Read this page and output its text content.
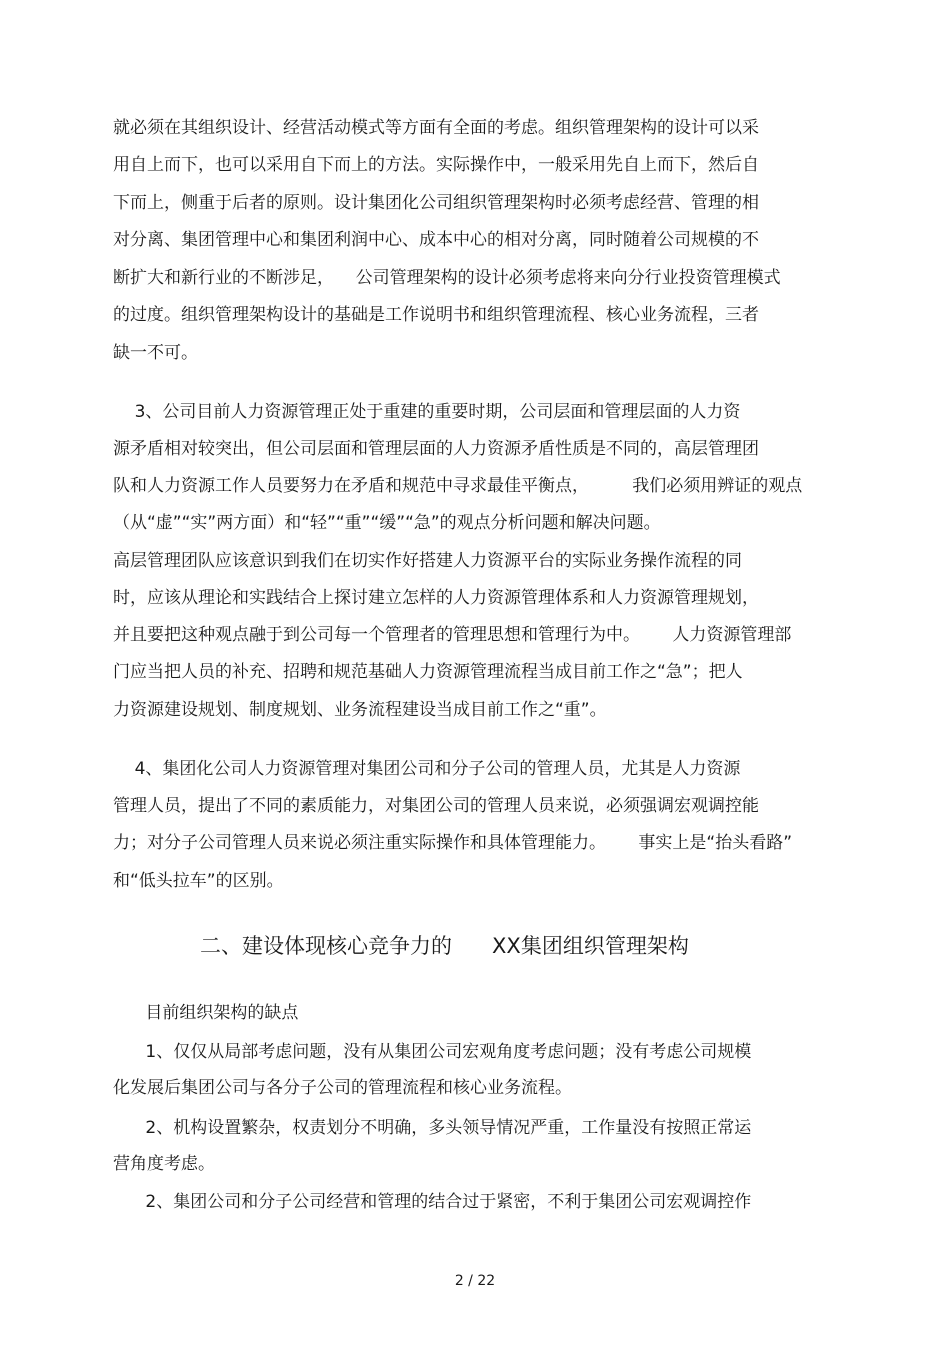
就必须在其组织设计、经营活动模式等方面有全面的考虑。组织管理架构的设计可以采
用自上而下，也可以采用自下而上的方法。实际操作中，一般采用先自上而下，然后自
下而上，侧重于后者的原则。设计集团化公司组织管理架构时必须考虑经营、管理的相
对分离、集团管理中心和集团利润中心、成本中心的相对分离，同时随着公司规模的不
断扩大和新行业的不断涉足，    公司管理架构的设计必须考虑将来向分行业投资管理模式
的过度。组织管理架构设计的基础是工作说明书和组织管理流程、核心业务流程，三者
缺一不可。
3、公司目前人力资源管理正处于重建的重要时期，公司层面和管理层面的人力资
源矛盾相对较突出，但公司层面和管理层面的人力资源矛盾性质是不同的，高层管理团
队和人力资源工作人员要努力在矛盾和规范中寻求最佳平衡点，        我们必须用辨证的观点
（从“虚”“实”两方面）和“轻”“重”“缓”“急”的观点分析问题和解决问题。
高层管理团队应该意识到我们在切实作好搭建人力资源平台的实际业务操作流程的同
时，应该从理论和实践结合上探讨建立怎样的人力资源管理体系和人力资源管理规划，
并且要把这种观点融于到公司每一个管理者的管理思想和管理行为中。      人力资源管理部
门应当把人员的补充、招聘和规范基础人力资源管理流程当成目前工作之“急”；把人
力资源建设规划、制度规划、业务流程建设当成目前工作之“重”。
4、集团化公司人力资源管理对集团公司和分子公司的管理人员，尤其是人力资源
管理人员，提出了不同的素质能力，对集团公司的管理人员来说，必须强调宏观调控能
力；对分子公司管理人员来说必须注重实际操作和具体管理能力。      事实上是“抬头看路”
和“低头拉车”的区别。
二、建设体现核心竞争力的      XX集团组织管理架构
目前组织架构的缺点
1、仅仅从局部考虑问题，没有从集团公司宏观角度考虑问题；没有考虑公司规模
化发展后集团公司与各分子公司的管理流程和核心业务流程。
2、机构设置繁杂，权责划分不明确，多头领导情况严重，工作量没有按照正常运
营角度考虑。
2、集团公司和分子公司经营和管理的结合过于紧密，不利于集团公司宏观调控作
2 / 22
